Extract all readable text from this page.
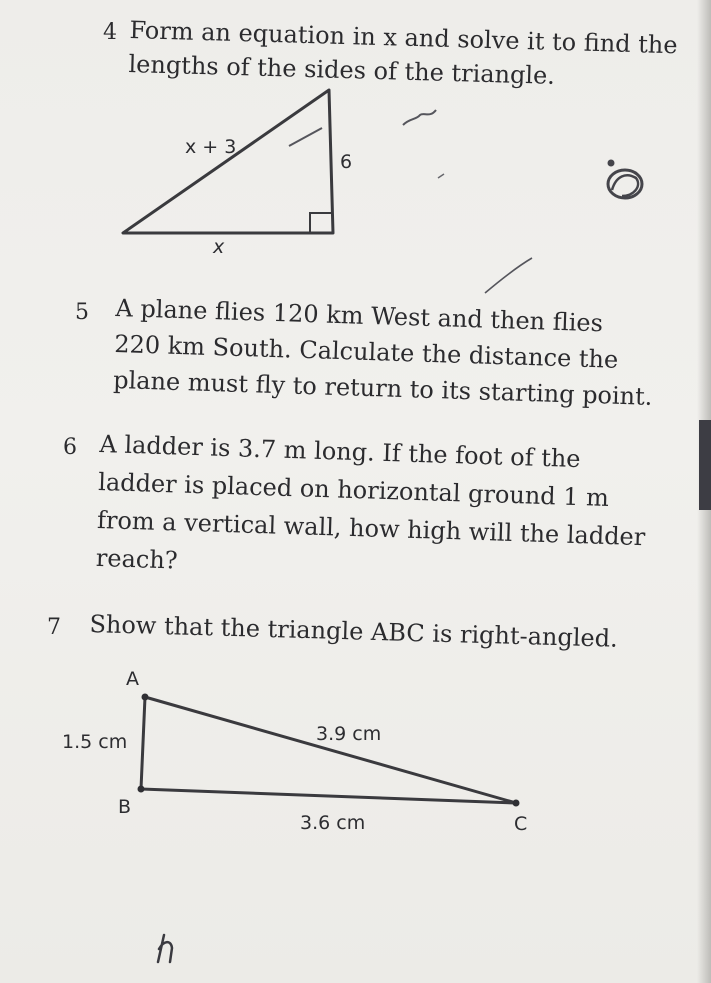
4 Form an equation in x and solve it to find the
lengths of the sides of the triangle.
x + 3
6
x
5 A plane flies 120 km West and then flies
220 km South. Calculate the distance the
plane must fly to return to its starting point.
6 A ladder is 3.7 m long. If the foot of the
ladder is placed on horizontal ground 1 m
from a vertical wall, how high will the ladder
reach?
7 Show that the triangle ABC is right-angled.
A
1.5 cm	3.9 cm
B
3.6 cm	C
